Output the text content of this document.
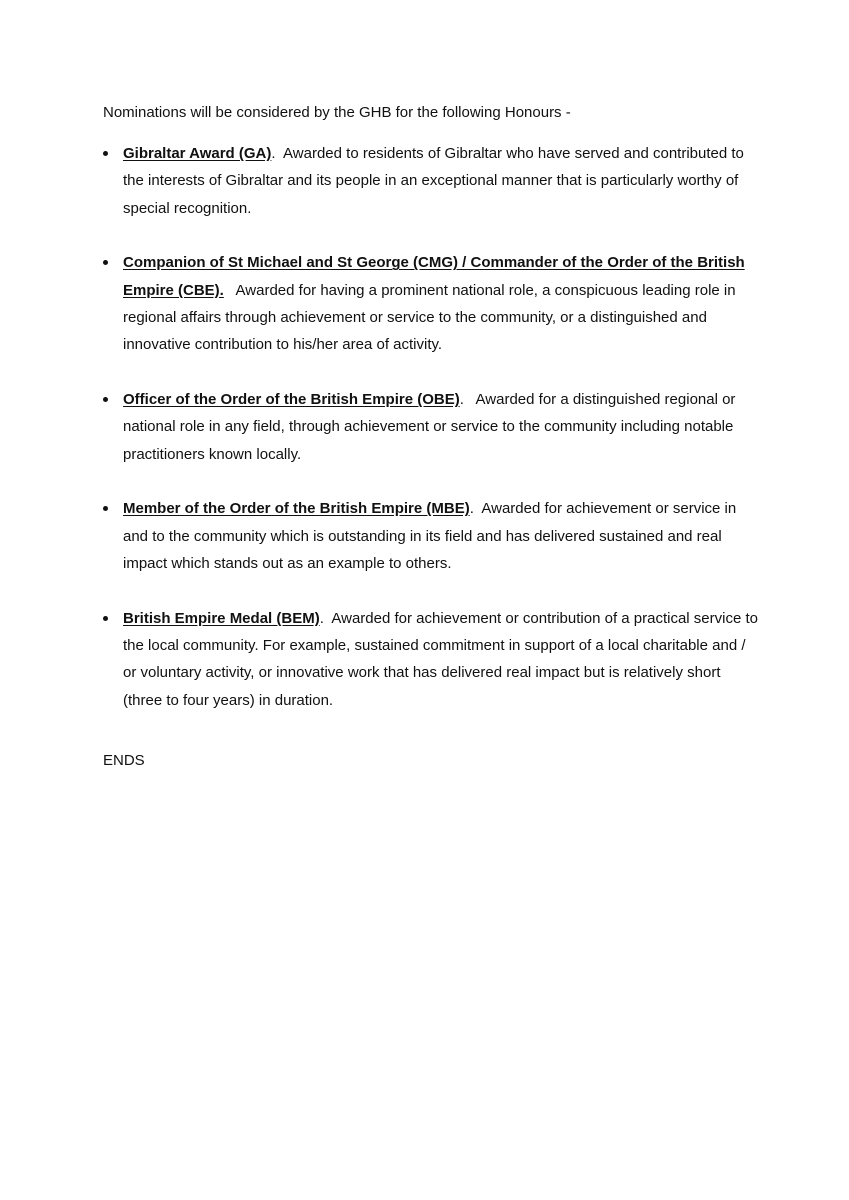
Nominations will be considered by the GHB for the following Honours -

Gibraltar Award (GA).  Awarded to residents of Gibraltar who have served and contributed to the interests of Gibraltar and its people in an exceptional manner that is particularly worthy of special recognition.
Companion of St Michael and St George (CMG) / Commander of the Order of the British Empire (CBE). Awarded for having a prominent national role, a conspicuous leading role in regional affairs through achievement or service to the community, or a distinguished and innovative contribution to his/her area of activity.
Officer of the Order of the British Empire (OBE).   Awarded for a distinguished regional or national role in any field, through achievement or service to the community including notable practitioners known locally.
Member of the Order of the British Empire (MBE).  Awarded for achievement or service in and to the community which is outstanding in its field and has delivered sustained and real impact which stands out as an example to others.
British Empire Medal (BEM).  Awarded for achievement or contribution of a practical service to the local community. For example, sustained commitment in support of a local charitable and / or voluntary activity, or innovative work that has delivered real impact but is relatively short (three to four years) in duration.

ENDS
